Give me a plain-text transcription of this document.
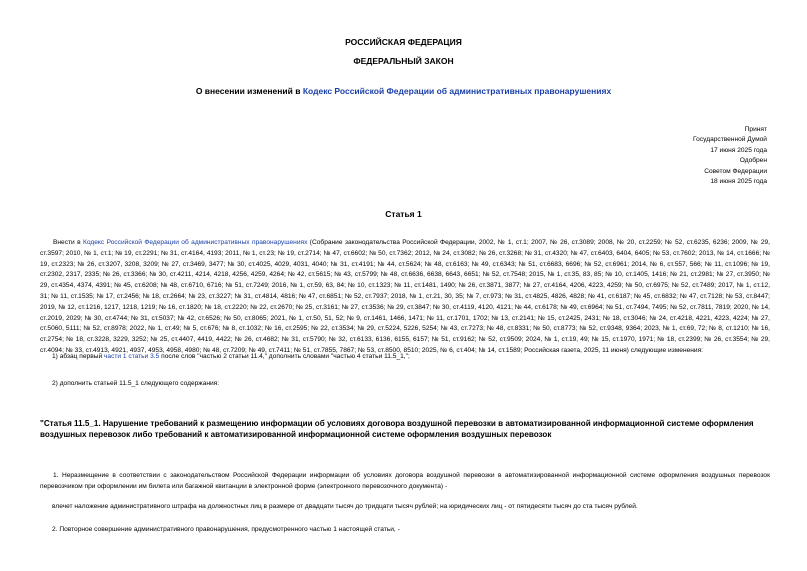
РОССИЙСКАЯ ФЕДЕРАЦИЯ
ФЕДЕРАЛЬНЫЙ ЗАКОН
О внесении изменений в Кодекс Российской Федерации об административных правонарушениях
Принят
Государственной Думой
17 июня 2025 года
Одобрен
Советом Федерации
18 июня 2025 года
Статья 1
Внести в Кодекс Российской Федерации об административных правонарушениях (Собрание законодательства Российской Федерации, 2002, № 1, ст.1; 2007, № 26, ст.3089; 2008, № 20, ст.2259; № 52, ст.6235, 6236; 2009, № 29, ст.3597; 2010, № 1, ст.1; № 19, ст.2291; № 31, ст.4164, 4193; 2011, № 1, ст.23; № 19, ст.2714; № 47, ст.6602; № 50, ст.7362; 2012, № 24, ст.3082; № 26, ст.3268; № 31, ст.4320; № 47, ст.6403, 6404, 6405; № 53, ст.7602; 2013, № 14, ст.1666; № 19, ст.2323; № 26, ст.3207, 3208, 3209; № 27, ст.3469, 3477; № 30, ст.4025, 4029, 4031, 4040; № 31, ст.4191; № 44, ст.5624; № 48, ст.6163; № 49, ст.6343; № 51, ст.6683, 6696; № 52, ст.6961; 2014, № 6, ст.557, 566; № 11, ст.1096; № 19, ст.2302, 2317, 2335; № 26, ст.3366; № 30, ст.4211, 4214, 4218, 4256, 4259, 4264; № 42, ст.5615; № 43, ст.5799; № 48, ст.6636, 6638, 6643, 6651; № 52, ст.7548; 2015, № 1, ст.35, 83, 85; № 10, ст.1405, 1416; № 21, ст.2981; № 27, ст.3950; № 29, ст.4354, 4374, 4391; № 45, ст.6208; № 48, ст.6710, 6716; № 51, ст.7249; 2016, № 1, ст.59, 63, 84; № 10, ст.1323; № 11, ст.1481, 1490; № 26, ст.3871, 3877; № 27, ст.4164, 4206, 4223, 4259; № 50, ст.6975; № 52, ст.7489; 2017, № 1, ст.12, 31; № 11, ст.1535; № 17, ст.2456; № 18, ст.2664; № 23, ст.3227; № 31, ст.4814, 4816; № 47, ст.6851; № 52, ст.7937; 2018, № 1, ст.21, 30, 35; № 7, ст.973; № 31, ст.4825, 4826, 4828; № 41, ст.6187; № 45, ст.6832; № 47, ст.7128; № 53, ст.8447; 2019, № 12, ст.1216, 1217, 1218, 1219; № 16, ст.1820; № 18, ст.2220; № 22, ст.2670; № 25, ст.3161; № 27, ст.3536; № 29, ст.3847; № 30, ст.4119, 4120, 4121; № 44, ст.6178; № 49, ст.6964; № 51, ст.7494, 7495; № 52, ст.7811, 7819; 2020, № 14, ст.2019, 2029; № 30, ст.4744; № 31, ст.5037; № 42, ст.6526; № 50, ст.8065; 2021, № 1, ст.50, 51, 52; № 9, ст.1461, 1466, 1471; № 11, ст.1701, 1702; № 13, ст.2141; № 15, ст.2425, 2431; № 18, ст.3046; № 24, ст.4218, 4221, 4223, 4224; № 27, ст.5060, 5111; № 52, ст.8978; 2022, № 1, ст.49; № 5, ст.676; № 8, ст.1032; № 16, ст.2595; № 22, ст.3534; № 29, ст.5224, 5226, 5254; № 43, ст.7273; № 48, ст.8331; № 50, ст.8773; № 52, ст.9348, 9364; 2023, № 1, ст.69, 72; № 8, ст.1210; № 16, ст.2754; № 18, ст.3228, 3229, 3252; № 25, ст.4407, 4419, 4422; № 26, ст.4682; № 31, ст.5790; № 32, ст.6133, 6136, 6155, 6157; № 51, ст.9162; № 52, ст.9509; 2024, № 1, ст.19, 49; № 15, ст.1970, 1971; № 18, ст.2399; № 26, ст.3554; № 29, ст.4094; № 33, ст.4913, 4921, 4937, 4953, 4958, 4980; № 48, ст.7209; № 49, ст.7411; № 51, ст.7855, 7867; № 53, ст.8500, 8510; 2025, № 6, ст.404; № 14, ст.1589; Российская газета, 2025, 11 июня) следующие изменения:
1) абзац первый части 1 статьи 3.5 после слов "частью 2 статьи 11.4," дополнить словами "частью 4 статьи 11.5_1,";
2) дополнить статьей 11.5_1 следующего содержания:
"Статья 11.5_1. Нарушение требований к размещению информации об условиях договора воздушной перевозки в автоматизированной информационной системе оформления воздушных перевозок либо требований к автоматизированной информационной системе оформления воздушных перевозок
1. Неразмещение в соответствии с законодательством Российской Федерации информации об условиях договора воздушной перевозки в автоматизированной информационной системе оформления воздушных перевозок перевозчиком при оформлении им билета или багажной квитанции в электронной форме (электронного перевозочного документа) -
влечет наложение административного штрафа на должностных лиц в размере от двадцати тысяч до тридцати тысяч рублей; на юридических лиц - от пятидесяти тысяч до ста тысяч рублей.
2. Повторное совершение административного правонарушения, предусмотренного частью 1 настоящей статьи, -
